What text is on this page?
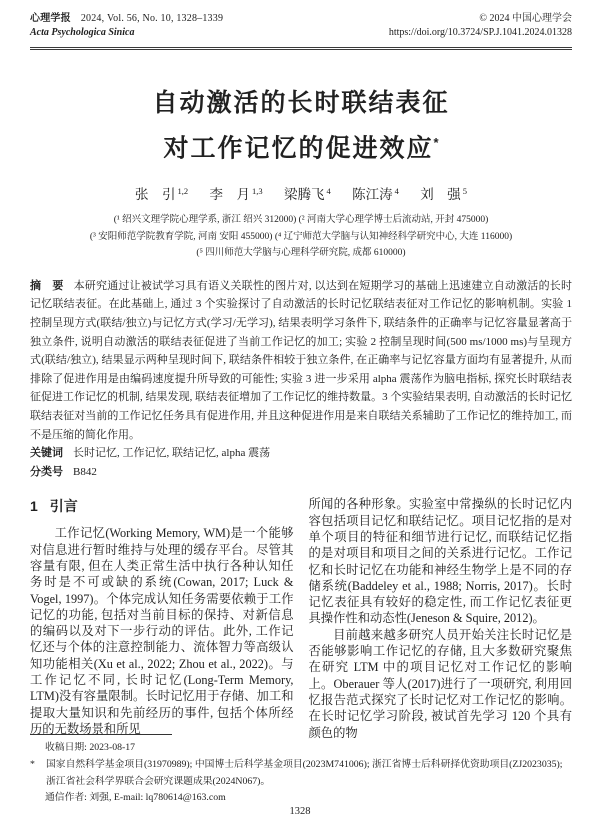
心理学报 2024, Vol. 56, No. 10, 1328–1339
Acta Psychologica Sinica
© 2024 中国心理学会
https://doi.org/10.3724/SP.J.1041.2024.01328
自动激活的长时联结表征
对工作记忆的促进效应*
张　引 $^{1,2}$ 李　月 $^{1,3}$ 梁腾飞 $^4$ 陈江涛 $^4$ 刘　强 $^5$
(¹ 绍兴文理学院心理学系, 浙江 绍兴 312000) (² 河南大学心理学博士后流动站, 开封 475000)
(³ 安阳师范学院教育学院, 河南 安阳 455000) (⁴ 辽宁师范大学脑与认知神经科学研究中心, 大连 116000)
(⁵ 四川师范大学脑与心理科学研究院, 成都 610000)

摘　要 本研究通过让被试学习具有语义关联性的图片对, 以达到在短期学习的基础上迅速建立自动激活的长时记忆联结表征。在此基础上, 通过 3 个实验探讨了自动激活的长时记忆联结表征对工作记忆的影响机制。实验 1 控制呈现方式(联结/独立)与记忆方式(学习/无学习), 结果表明学习条件下, 联结条件的正确率与记忆容量显著高于独立条件, 说明自动激活的联结表征促进了当前工作记忆的加工; 实验 2 控制呈现时间(500 ms/1000 ms)与呈现方式(联结/独立), 结果显示两种呈现时间下, 联结条件相较于独立条件, 在正确率与记忆容量方面均有显著提升, 从而排除了促进作用是由编码速度提升所导致的可能性; 实验 3 进一步采用 alpha 震荡作为脑电指标, 探究长时联结表征促进工作记忆的机制, 结果发现, 联结表征增加了工作记忆的维持数量。3 个实验结果表明, 自动激活的长时记忆联结表征对当前的工作记忆任务具有促进作用, 并且这种促进作用是来自联结关系辅助了工作记忆的维持加工, 而不是压缩的简化作用。

关键词 长时记忆, 工作记忆, 联结记忆, alpha 震荡
分类号 B842
1 引言

工作记忆(Working Memory, WM)是一个能够对信息进行暂时维持与处理的缓存平台。尽管其容量有限, 但在人类正常生活中执行各种认知任务时是不可或缺的系统(Cowan, 2017; Luck & Vogel, 1997)。个体完成认知任务需要依赖于工作记忆的功能, 包括对当前目标的保持、对新信息的编码以及对下一步行动的评估。此外, 工作记忆还与个体的注意控制能力、流体智力等高级认知功能相关(Xu et al., 2022; Zhou et al., 2022)。与工作记忆不同, 长时记忆(Long-Term Memory, LTM)没有容量限制。长时记忆用于存储、加工和提取大量知识和先前经历的事件, 包括个体所经历的无数场景和所见

所闻的各种形象。实验室中常操纵的长时记忆内容包括项目记忆和联结记忆。项目记忆指的是对单个项目的特征和细节进行记忆, 而联结记忆指的是对项目和项目之间的关系进行记忆。工作记忆和长时记忆在功能和神经生物学上是不同的存储系统(Baddeley et al., 1988; Norris, 2017)。长时记忆表征具有较好的稳定性, 而工作记忆表征更具操作性和动态性(Jeneson & Squire, 2012)。

目前越来越多研究人员开始关注长时记忆是否能够影响工作记忆的存储, 且大多数研究聚焦在研究 LTM 中的项目记忆对工作记忆的影响上。Oberauer 等人(2017)进行了一项研究, 利用回忆报告范式探究了长时记忆对工作记忆的影响。在长时记忆学习阶段, 被试首先学习 120 个具有颜色的物

收稿日期: 2023-08-17
* 国家自然科学基金项目(31970989); 中国博士后科学基金项目(2023M741006); 浙江省博士后科研择优资助项目(ZJ2023035); 浙江省社会科学界联合会研究课题成果(2024N067)。
通信作者: 刘强, E-mail: lq780614@163.com
1328
